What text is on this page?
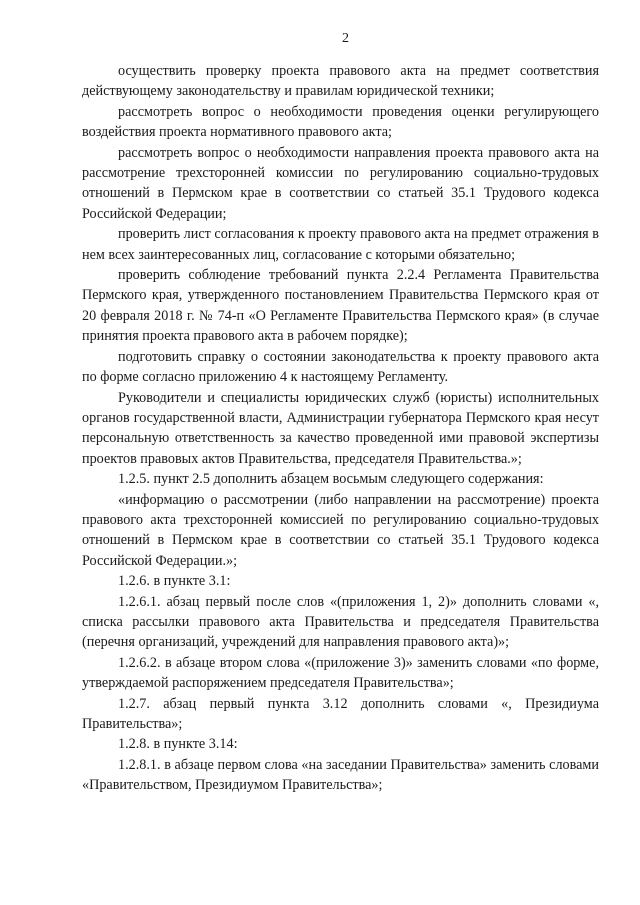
2

осуществить проверку проекта правового акта на предмет соответствия действующему законодательству и правилам юридической техники;

рассмотреть вопрос о необходимости проведения оценки регулирующего воздействия проекта нормативного правового акта;

рассмотреть вопрос о необходимости направления проекта правового акта на рассмотрение трехсторонней комиссии по регулированию социально-трудовых отношений в Пермском крае в соответствии со статьей 35.1 Трудового кодекса Российской Федерации;

проверить лист согласования к проекту правового акта на предмет отражения в нем всех заинтересованных лиц, согласование с которыми обязательно;

проверить соблюдение требований пункта 2.2.4 Регламента Правительства Пермского края, утвержденного постановлением Правительства Пермского края от 20 февраля 2018 г. № 74-п «О Регламенте Правительства Пермского края» (в случае принятия проекта правового акта в рабочем порядке);

подготовить справку о состоянии законодательства к проекту правового акта по форме согласно приложению 4 к настоящему Регламенту.

Руководители и специалисты юридических служб (юристы) исполнительных органов государственной власти, Администрации губернатора Пермского края несут персональную ответственность за качество проведенной ими правовой экспертизы проектов правовых актов Правительства, председателя Правительства.»;

1.2.5. пункт 2.5 дополнить абзацем восьмым следующего содержания:

«информацию о рассмотрении (либо направлении на рассмотрение) проекта правового акта трехсторонней комиссией по регулированию социально-трудовых отношений в Пермском крае в соответствии со статьей 35.1 Трудового кодекса Российской Федерации.»;

1.2.6. в пункте 3.1:

1.2.6.1. абзац первый после слов «(приложения 1, 2)» дополнить словами «, списка рассылки правового акта Правительства и председателя Правительства (перечня организаций, учреждений для направления правового акта)»;

1.2.6.2. в абзаце втором слова «(приложение 3)» заменить словами «по форме, утверждаемой распоряжением председателя Правительства»;

1.2.7. абзац первый пункта 3.12 дополнить словами «, Президиума Правительства»;

1.2.8. в пункте 3.14:

1.2.8.1. в абзаце первом слова «на заседании Правительства» заменить словами «Правительством, Президиумом Правительства»;
